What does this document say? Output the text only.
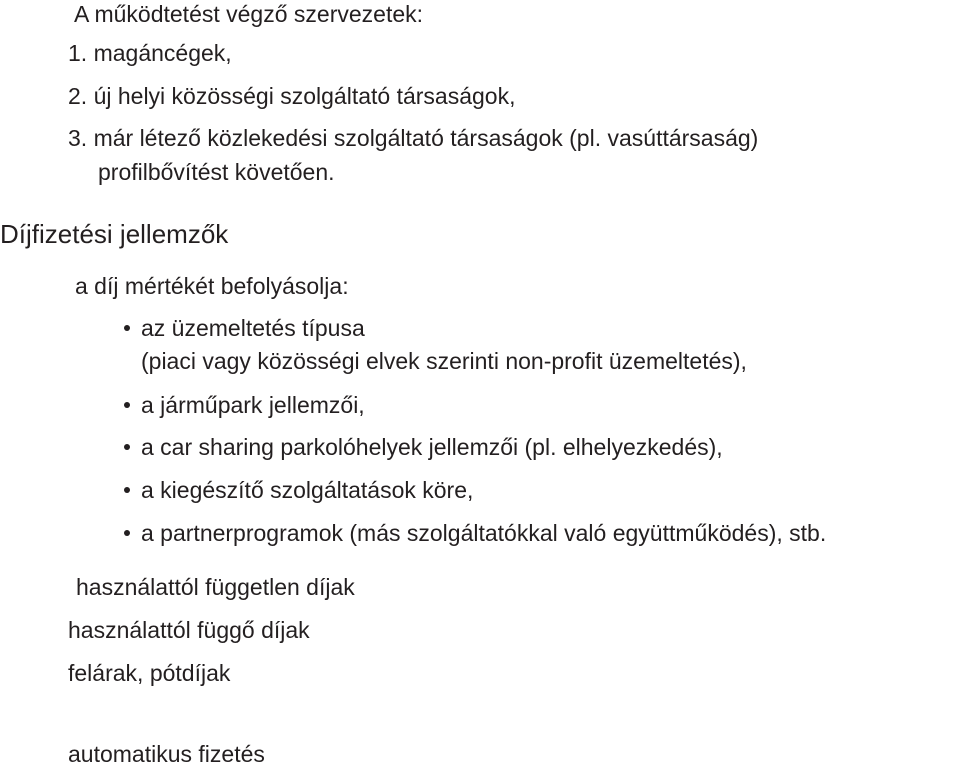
A működtetést végző szervezetek:
1. magáncégek,
2. új helyi közösségi szolgáltató társaságok,
3. már létező közlekedési szolgáltató társaságok (pl. vasúttársaság)
profilbővítést követően.
Díjfizetési jellemzők
a díj mértékét befolyásolja:
az üzemeltetés típusa
(piaci vagy közösségi elvek szerinti non-profit üzemeltetés),
a járműpark jellemzői,
a car sharing parkolóhelyek jellemzői (pl. elhelyezkedés),
a kiegészítő szolgáltatások köre,
a partnerprogramok (más szolgáltatókkal való együttműködés), stb.
használattól független díjak
használattól függő díjak
felárak, pótdíjak
automatikus fizetés
